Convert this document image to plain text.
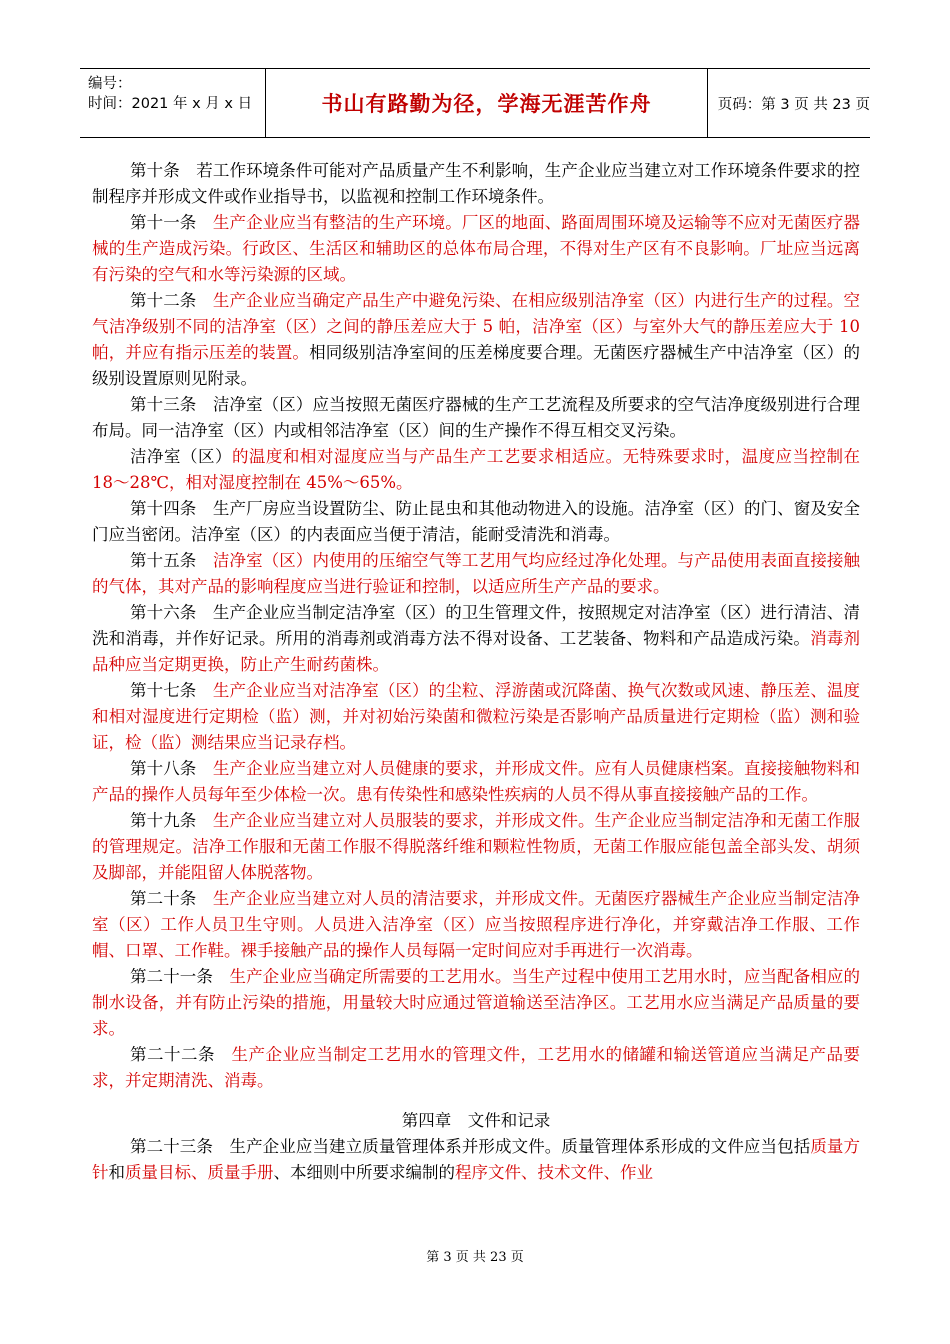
编号：
时间：2021 年 x 月 x 日	书山有路勤为径，学海无涯苦作舟	页码：第 3 页 共 23 页

第十条 若工作环境条件可能对产品质量产生不利影响，生产企业应当建立对工作环境条件要求的控制程序并形成文件或作业指导书，以监视和控制工作环境条件。

第十一条 生产企业应当有整洁的生产环境。厂区的地面、路面周围环境及运输等不应对无菌医疗器械的生产造成污染。行政区、生活区和辅助区的总体布局合理，不得对生产区有不良影响。厂址应当远离有污染的空气和水等污染源的区域。

第十二条 生产企业应当确定产品生产中避免污染、在相应级别洁净室（区）内进行生产的过程。空气洁净级别不同的洁净室（区）之间的静压差应大于 5 帕，洁净室（区）与室外大气的静压差应大于 10 帕，并应有指示压差的装置。相同级别洁净室间的压差梯度要合理。无菌医疗器械生产中洁净室（区）的级别设置原则见附录。

第十三条 洁净室（区）应当按照无菌医疗器械的生产工艺流程及所要求的空气洁净度级别进行合理布局。同一洁净室（区）内或相邻洁净室（区）间的生产操作不得互相交叉污染。

洁净室（区）的温度和相对湿度应当与产品生产工艺要求相适应。无特殊要求时，温度应当控制在 18～28℃，相对湿度控制在 45%～65%。

第十四条 生产厂房应当设置防尘、防止昆虫和其他动物进入的设施。洁净室（区）的门、窗及安全门应当密闭。洁净室（区）的内表面应当便于清洁，能耐受清洗和消毒。

第十五条 洁净室（区）内使用的压缩空气等工艺用气均应经过净化处理。与产品使用表面直接接触的气体，其对产品的影响程度应当进行验证和控制，以适应所生产产品的要求。

第十六条 生产企业应当制定洁净室（区）的卫生管理文件，按照规定对洁净室（区）进行清洁、清洗和消毒，并作好记录。所用的消毒剂或消毒方法不得对设备、工艺装备、物料和产品造成污染。消毒剂品种应当定期更换，防止产生耐药菌株。

第十七条 生产企业应当对洁净室（区）的尘粒、浮游菌或沉降菌、换气次数或风速、静压差、温度和相对湿度进行定期检（监）测，并对初始污染菌和微粒污染是否影响产品质量进行定期检（监）测和验证，检（监）测结果应当记录存档。

第十八条 生产企业应当建立对人员健康的要求，并形成文件。应有人员健康档案。直接接触物料和产品的操作人员每年至少体检一次。患有传染性和感染性疾病的人员不得从事直接接触产品的工作。

第十九条 生产企业应当建立对人员服装的要求，并形成文件。生产企业应当制定洁净和无菌工作服的管理规定。洁净工作服和无菌工作服不得脱落纤维和颗粒性物质，无菌工作服应能包盖全部头发、胡须及脚部，并能阻留人体脱落物。

第二十条 生产企业应当建立对人员的清洁要求，并形成文件。无菌医疗器械生产企业应当制定洁净室（区）工作人员卫生守则。人员进入洁净室（区）应当按照程序进行净化，并穿戴洁净工作服、工作帽、口罩、工作鞋。裸手接触产品的操作人员每隔一定时间应对手再进行一次消毒。

第二十一条 生产企业应当确定所需要的工艺用水。当生产过程中使用工艺用水时，应当配备相应的制水设备，并有防止污染的措施，用量较大时应通过管道输送至洁净区。工艺用水应当满足产品质量的要求。

第二十二条 生产企业应当制定工艺用水的管理文件，工艺用水的储罐和输送管道应当满足产品要求，并定期清洗、消毒。

第四章　文件和记录

第二十三条 生产企业应当建立质量管理体系并形成文件。质量管理体系形成的文件应当包括质量方针和质量目标、质量手册、本细则中所要求编制的程序文件、技术文件、作业

第 3 页 共 23 页
